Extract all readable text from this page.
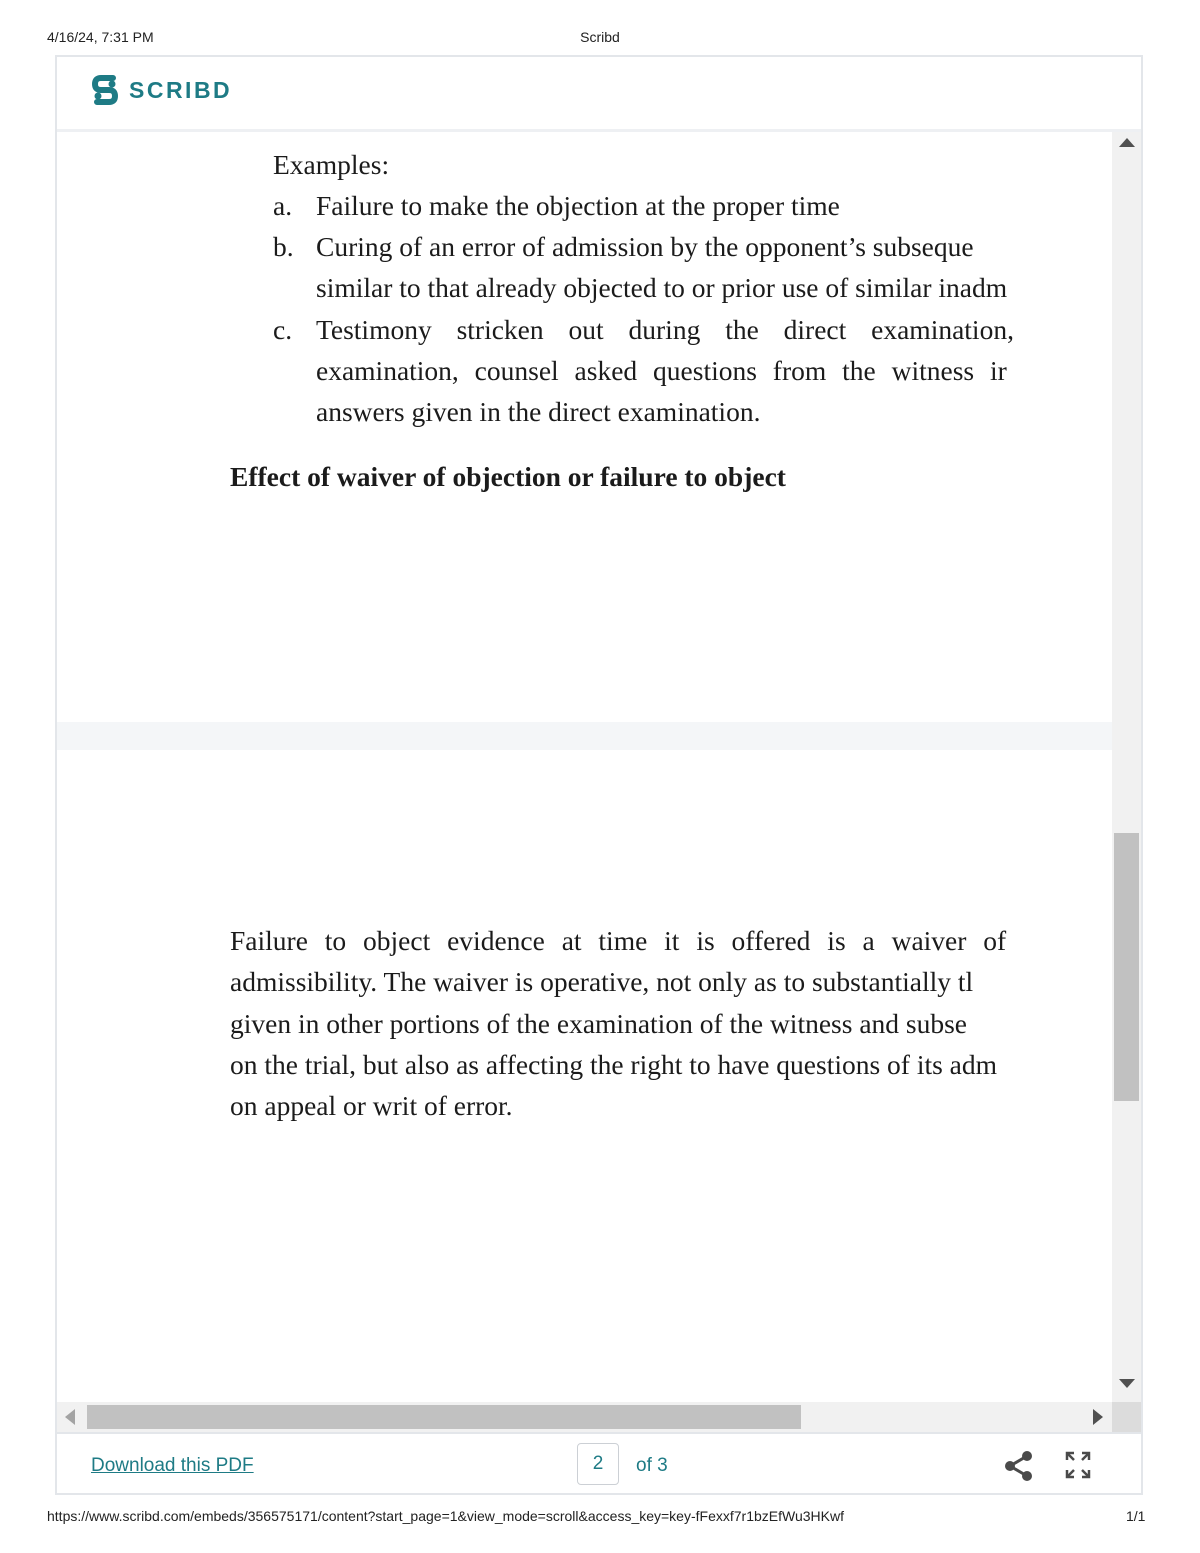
4/16/24, 7:31 PM	Scribd
SCRIBD
Examples:
a. Failure to make the objection at the proper time
b. Curing of an error of admission by the opponent’s subseque
similar to that already objected to or prior use of similar inadm
c. Testimony stricken out during the direct examination,
examination, counsel asked questions from the witness ir
answers given in the direct examination.
Effect of waiver of objection or failure to object
Failure to object evidence at time it is offered is a waiver of
admissibility. The waiver is operative, not only as to substantially tl
given in other portions of the examination of the witness and subse
on the trial, but also as affecting the right to have questions of its adm
on appeal or writ of error.
Download this PDF	2	of 3
https://www.scribd.com/embeds/356575171/content?start_page=1&view_mode=scroll&access_key=key-fFexxf7r1bzEfWu3HKwf	1/1
